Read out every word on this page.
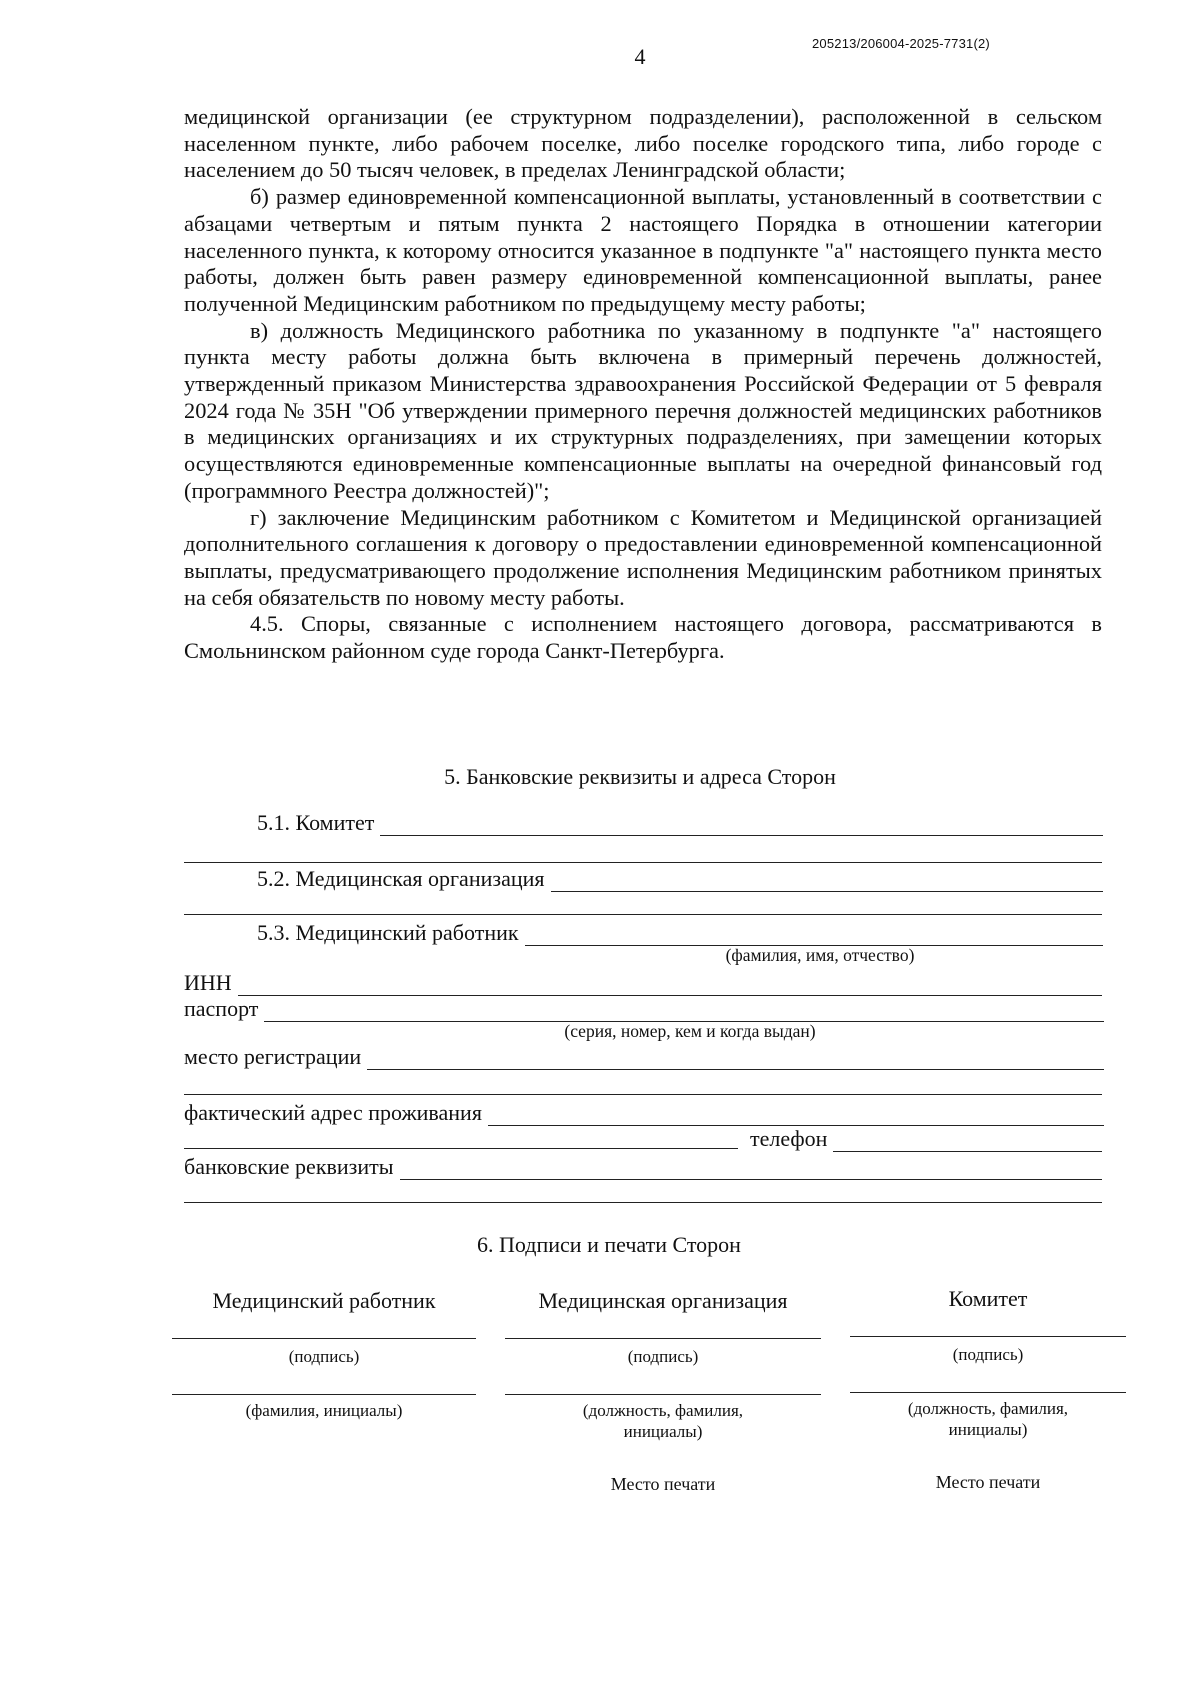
4
205213/206004-2025-7731(2)

медицинской организации (ее структурном подразделении), расположенной в сельском населенном пункте, либо рабочем поселке, либо поселке городского типа, либо городе с населением до 50 тысяч человек, в пределах Ленинградской области;

б) размер единовременной компенсационной выплаты, установленный в соответствии с абзацами четвертым и пятым пункта 2 настоящего Порядка в отношении категории населенного пункта, к которому относится указанное в подпункте "а" настоящего пункта место работы, должен быть равен размеру единовременной компенсационной выплаты, ранее полученной Медицинским работником по предыдущему месту работы;

в) должность Медицинского работника по указанному в подпункте "а" настоящего пункта месту работы должна быть включена в примерный перечень должностей, утвержденный приказом Министерства здравоохранения Российской Федерации от 5 февраля 2024 года № 35Н "Об утверждении примерного перечня должностей медицинских работников в медицинских организациях и их структурных подразделениях, при замещении которых осуществляются единовременные компенсационные выплаты на очередной финансовый год (программного Реестра должностей)";

г) заключение Медицинским работником с Комитетом и Медицинской организацией дополнительного соглашения к договору о предоставлении единовременной компенсационной выплаты, предусматривающего продолжение исполнения Медицинским работником принятых на себя обязательств по новому месту работы.

4.5. Споры, связанные с исполнением настоящего договора, рассматриваются в Смольнинском районном суде города Санкт-Петербурга.

5. Банковские реквизиты и адреса Сторон
5.1. Комитет
5.2. Медицинская организация
5.3. Медицинский работник
(фамилия, имя, отчество)
ИНН
паспорт
(серия, номер, кем и когда выдан)
место регистрации
фактический адрес проживания
телефон
банковские реквизиты
6. Подписи и печати Сторон
Медицинский работник
(подпись)
(фамилия, инициалы)
Медицинская организация
(подпись)
(должность, фамилия, инициалы)
Место печати
Комитет
(подпись)
(должность, фамилия, инициалы)
Место печати
